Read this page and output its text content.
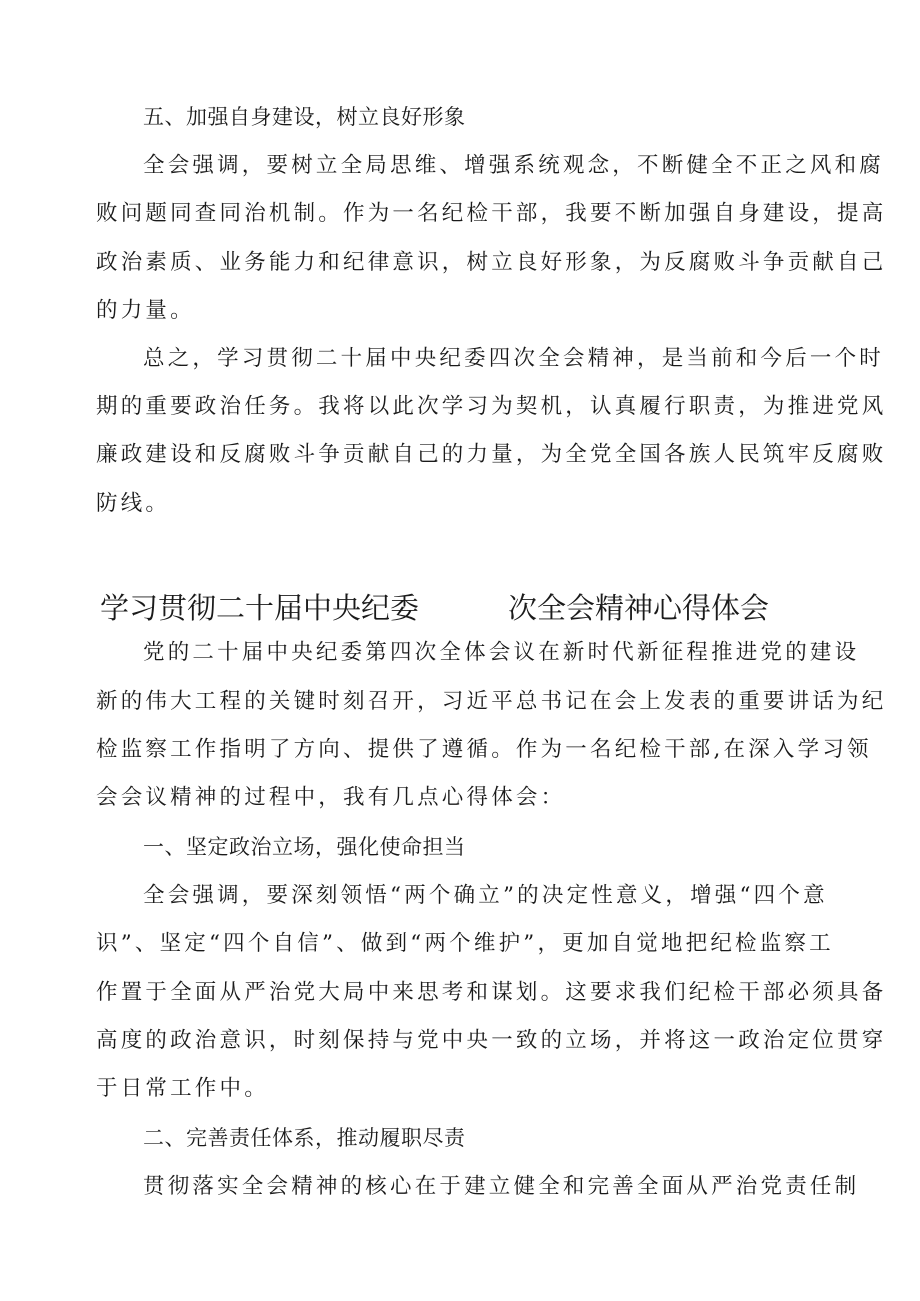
五、加强自身建设，树立良好形象
全会强调，要树立全局思维、增强系统观念，不断健全不正之风和腐
败问题同查同治机制。作为一名纪检干部，我要不断加强自身建设，提高
政治素质、业务能力和纪律意识，树立良好形象，为反腐败斗争贡献自己
的力量。
总之，学习贯彻二十届中央纪委四次全会精神，是当前和今后一个时
期的重要政治任务。我将以此次学习为契机，认真履行职责，为推进党风
廉政建设和反腐败斗争贡献自己的力量，为全党全国各族人民筑牢反腐败
防线。
学习贯彻二十届中央纪委	次全会精神心得体会
党的二十届中央纪委第四次全体会议在新时代新征程推进党的建设
新的伟大工程的关键时刻召开，习近平总书记在会上发表的重要讲话为纪
检监察工作指明了方向、提供了遵循。作为一名纪检干部,在深入学习领
会会议精神的过程中，我有几点心得体会：
一、坚定政治立场，强化使命担当
全会强调，要深刻领悟“两个确立”的决定性意义，增强“四个意
识”、坚定“四个自信”、做到“两个维护”，更加自觉地把纪检监察工
作置于全面从严治党大局中来思考和谋划。这要求我们纪检干部必须具备
高度的政治意识，时刻保持与党中央一致的立场，并将这一政治定位贯穿
于日常工作中。
二、完善责任体系，推动履职尽责
贯彻落实全会精神的核心在于建立健全和完善全面从严治党责任制
